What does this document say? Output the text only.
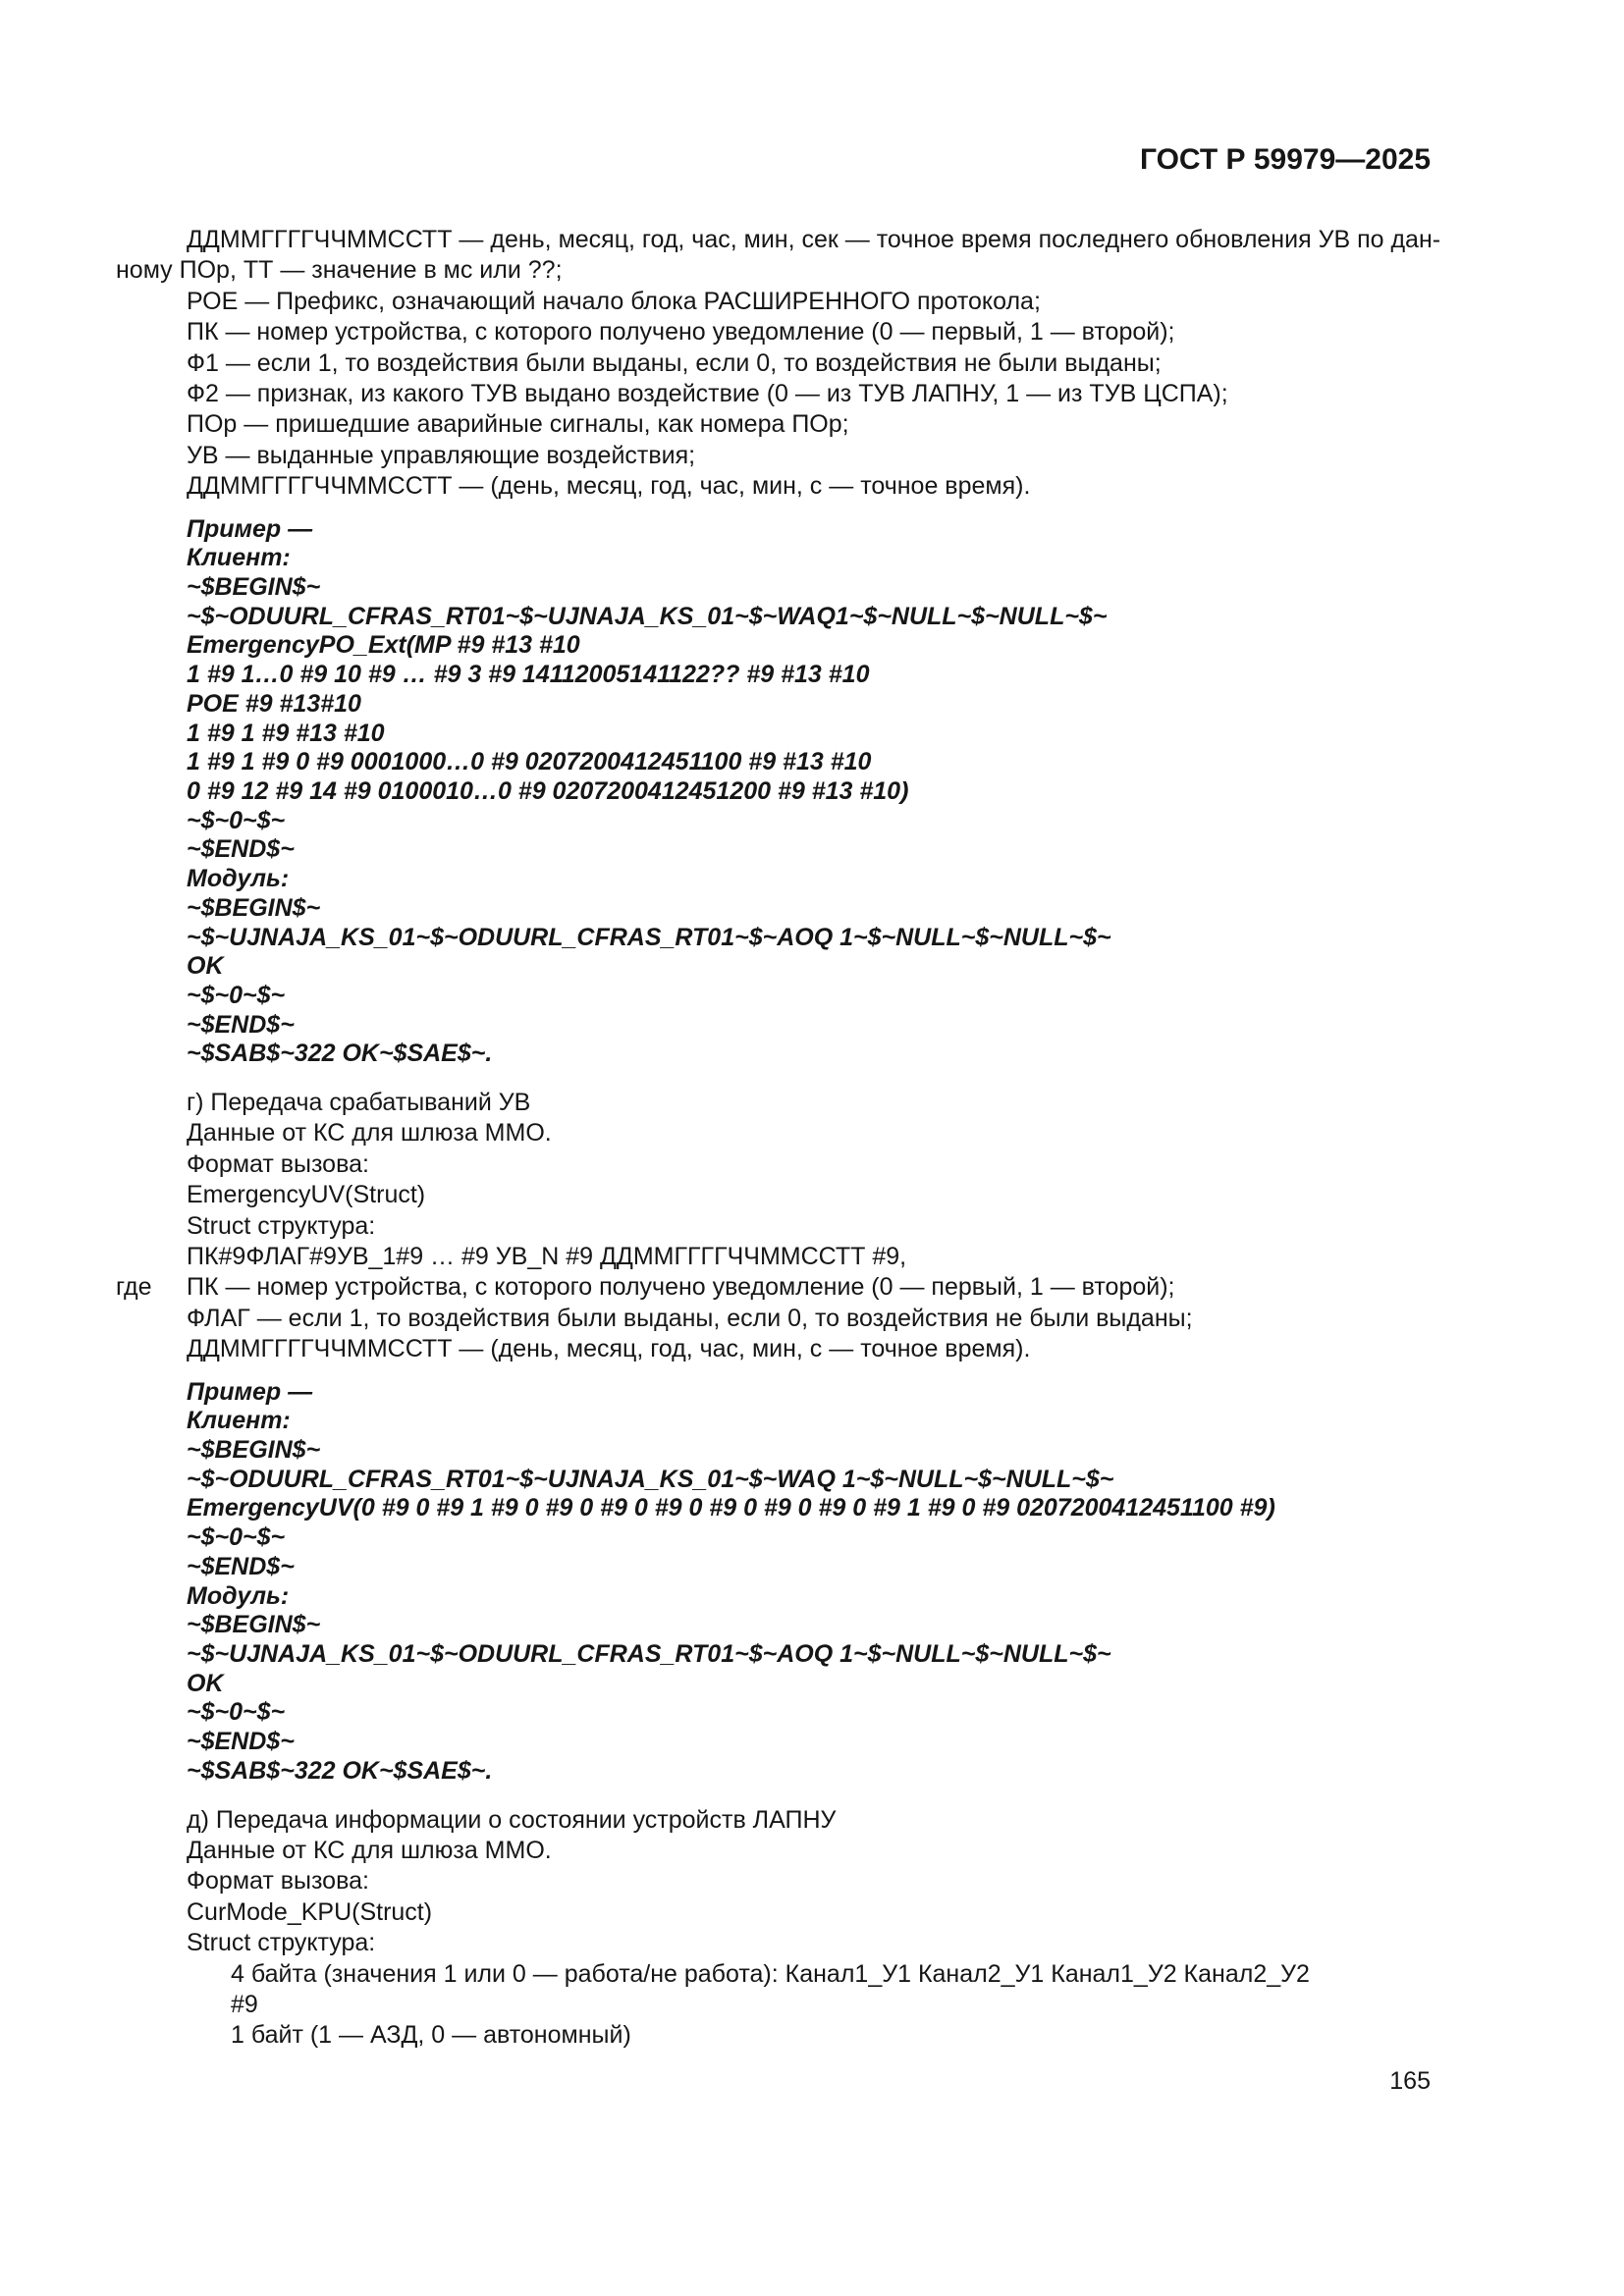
ГОСТ Р 59979—2025
ДДММГГГГЧЧММССТТ — день, месяц, год, час, мин, сек — точное время последнего обновления УВ по дан-
ному ПОр, ТТ — значение в мс или ??;
РОЕ — Префикс, означающий начало блока РАСШИРЕННОГО протокола;
ПК — номер устройства, с которого получено уведомление (0 — первый, 1 — второй);
Ф1 — если 1, то воздействия были выданы, если 0, то воздействия не были выданы;
Ф2 — признак, из какого ТУВ выдано воздействие (0 — из ТУВ ЛАПНУ, 1 — из ТУВ ЦСПА);
ПОр — пришедшие аварийные сигналы, как номера ПОр;
УВ — выданные управляющие воздействия;
ДДММГГГГЧЧММССТТ — (день, месяц, год, час, мин, с — точное время).
Пример —
Клиент:
~$BEGIN$~
~$~ODUURL_CFRAS_RT01~$~UJNAJA_KS_01~$~WAQ1~$~NULL~$~NULL~$~
EmergencyPO_Ext(MP #9 #13 #10
1 #9 1…0 #9 10 #9 … #9 3 #9 14112005141122?? #9 #13 #10
POE #9 #13#10
1 #9 1 #9 #13 #10
1 #9 1 #9 0 #9 0001000…0 #9 0207200412451100 #9 #13 #10
0 #9 12 #9 14 #9 0100010…0 #9 0207200412451200 #9 #13 #10)
~$~0~$~
~$END$~
Модуль:
~$BEGIN$~
~$~UJNAJA_KS_01~$~ODUURL_CFRAS_RT01~$~AOQ 1~$~NULL~$~NULL~$~
OK
~$~0~$~
~$END$~
~$SAB$~322 OK~$SAE$~.
г) Передача срабатываний УВ
Данные от КС для шлюза ММО.
Формат вызова:
EmergencyUV(Struct)
Struct структура:
ПК#9ФЛАГ#9УВ_1#9 … #9 УВ_N #9 ДДММГГГГЧЧММССТТ #9,
ПК — номер устройства, с которого получено уведомление (0 — первый, 1 — второй);
где
ФЛАГ — если 1, то воздействия были выданы, если 0, то воздействия не были выданы;
ДДММГГГГЧЧММССТТ — (день, месяц, год, час, мин, с — точное время).
Пример —
Клиент:
~$BEGIN$~
~$~ODUURL_CFRAS_RT01~$~UJNAJA_KS_01~$~WAQ 1~$~NULL~$~NULL~$~
EmergencyUV(0 #9 0 #9 1 #9 0 #9 0 #9 0 #9 0 #9 0 #9 0 #9 0 #9 1 #9 0 #9 0207200412451100 #9)
~$~0~$~
~$END$~
Модуль:
~$BEGIN$~
~$~UJNAJA_KS_01~$~ODUURL_CFRAS_RT01~$~AOQ 1~$~NULL~$~NULL~$~
OK
~$~0~$~
~$END$~
~$SAB$~322 OK~$SAE$~.
д) Передача информации о состоянии устройств ЛАПНУ
Данные от КС для шлюза ММО.
Формат вызова:
CurMode_KPU(Struct)
Struct структура:
4 байта (значения 1 или 0 — работа/не работа): Канал1_У1 Канал2_У1 Канал1_У2 Канал2_У2
#9
1 байт (1 — АЗД, 0 — автономный)
165
